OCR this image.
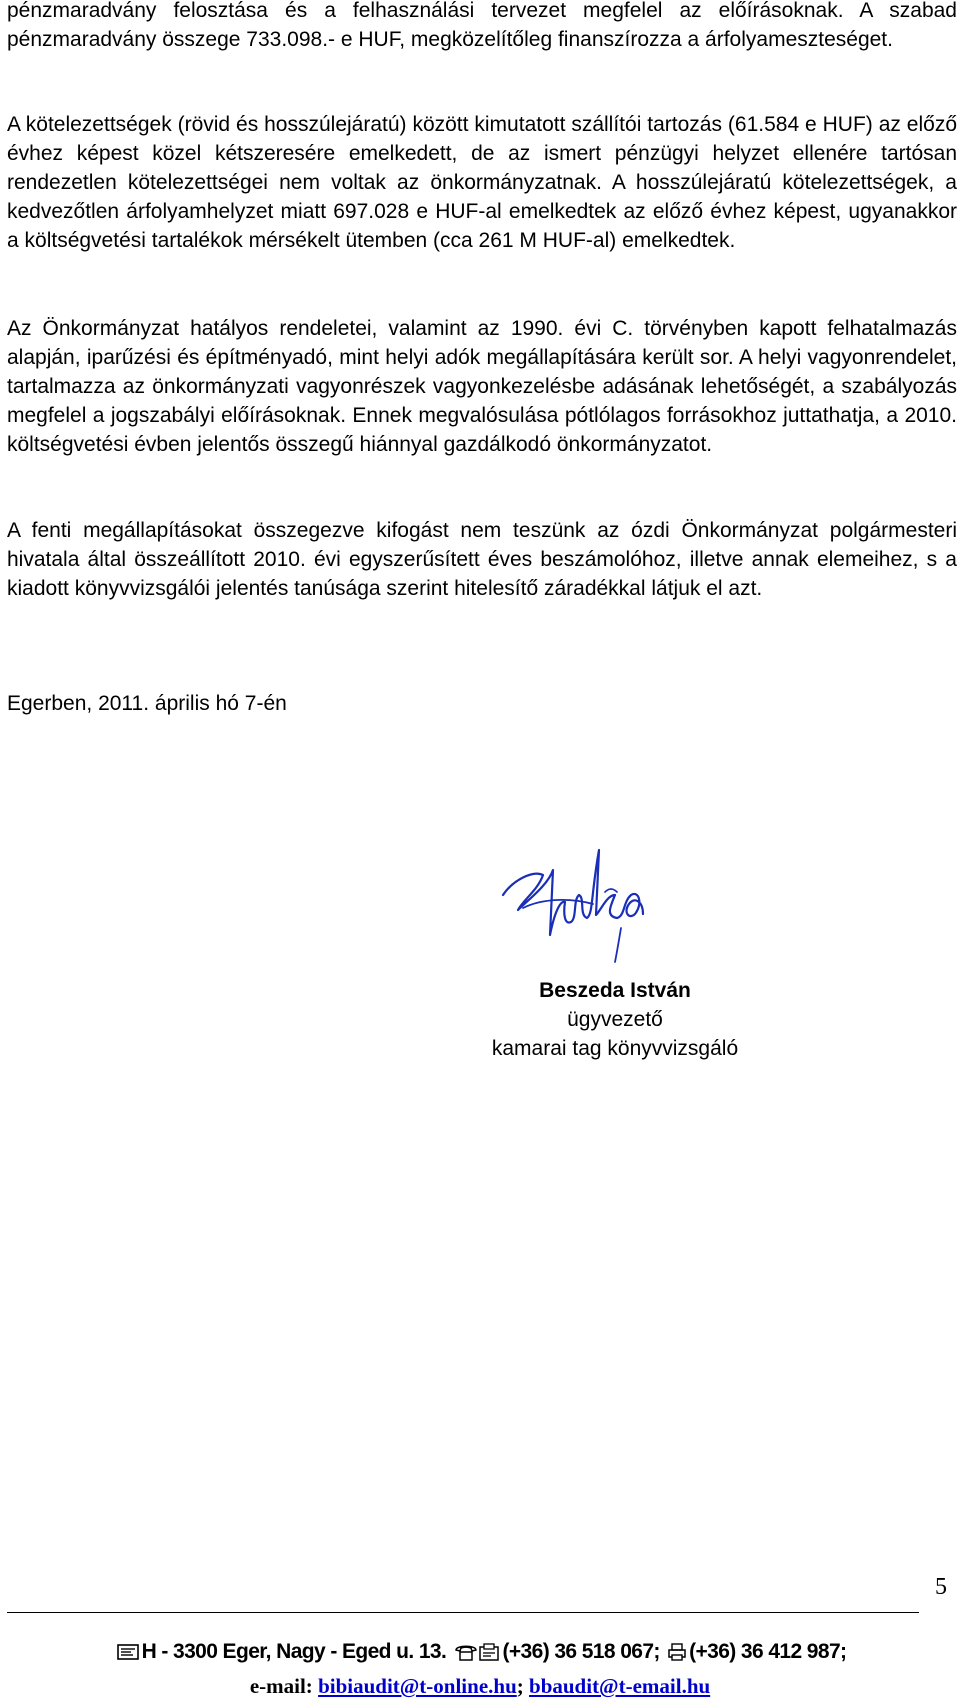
pénzmaradvány felosztása és a felhasználási tervezet megfelel az előírásoknak. A szabad pénzmaradvány összege 733.098.- e HUF, megközelítőleg finanszírozza a árfolyameszteséget.

A kötelezettségek (rövid és hosszúlejáratú) között kimutatott szállítói tartozás (61.584 e HUF) az előző évhez képest közel kétszeresére emelkedett, de az ismert pénzügyi helyzet ellenére tartósan rendezetlen kötelezettségei nem voltak az önkormányzatnak. A hosszúlejáratú kötelezettségek, a kedvezőtlen árfolyamhelyzet miatt 697.028 e HUF-al emelkedtek az előző évhez képest, ugyanakkor a költségvetési tartalékok mérsékelt ütemben (cca 261 M HUF-al) emelkedtek.

Az Önkormányzat hatályos rendeletei, valamint az 1990. évi C. törvényben kapott felhatalmazás alapján, iparűzési és építményadó, mint helyi adók megállapítására került sor. A helyi vagyonrendelet, tartalmazza az önkormányzati vagyonrészek vagyonkezelésbe adásának lehetőségét, a szabályozás megfelel a jogszabályi előírásoknak. Ennek megvalósulása pótlólagos forrásokhoz juttathatja, a 2010. költségvetési évben jelentős összegű hiánnyal gazdálkodó önkormányzatot.

A fenti megállapításokat összegezve kifogást nem teszünk az ózdi Önkormányzat polgármesteri hivatala által összeállított 2010. évi egyszerűsített éves beszámolóhoz, illetve annak elemeihez, s a kiadott könyvvizsgálói jelentés tanúsága szerint hitelesítő záradékkal látjuk el azt.

Egerben, 2011. április hó 7-én
Beszeda István
ügyvezető
kamarai tag könyvvizsgáló
5
H - 3300 Eger, Nagy - Eged u. 13.	(+36) 36 518 067; (+36) 36 412 987;
e-mail: bibiaudit@t-online.hu; bbaudit@t-email.hu
